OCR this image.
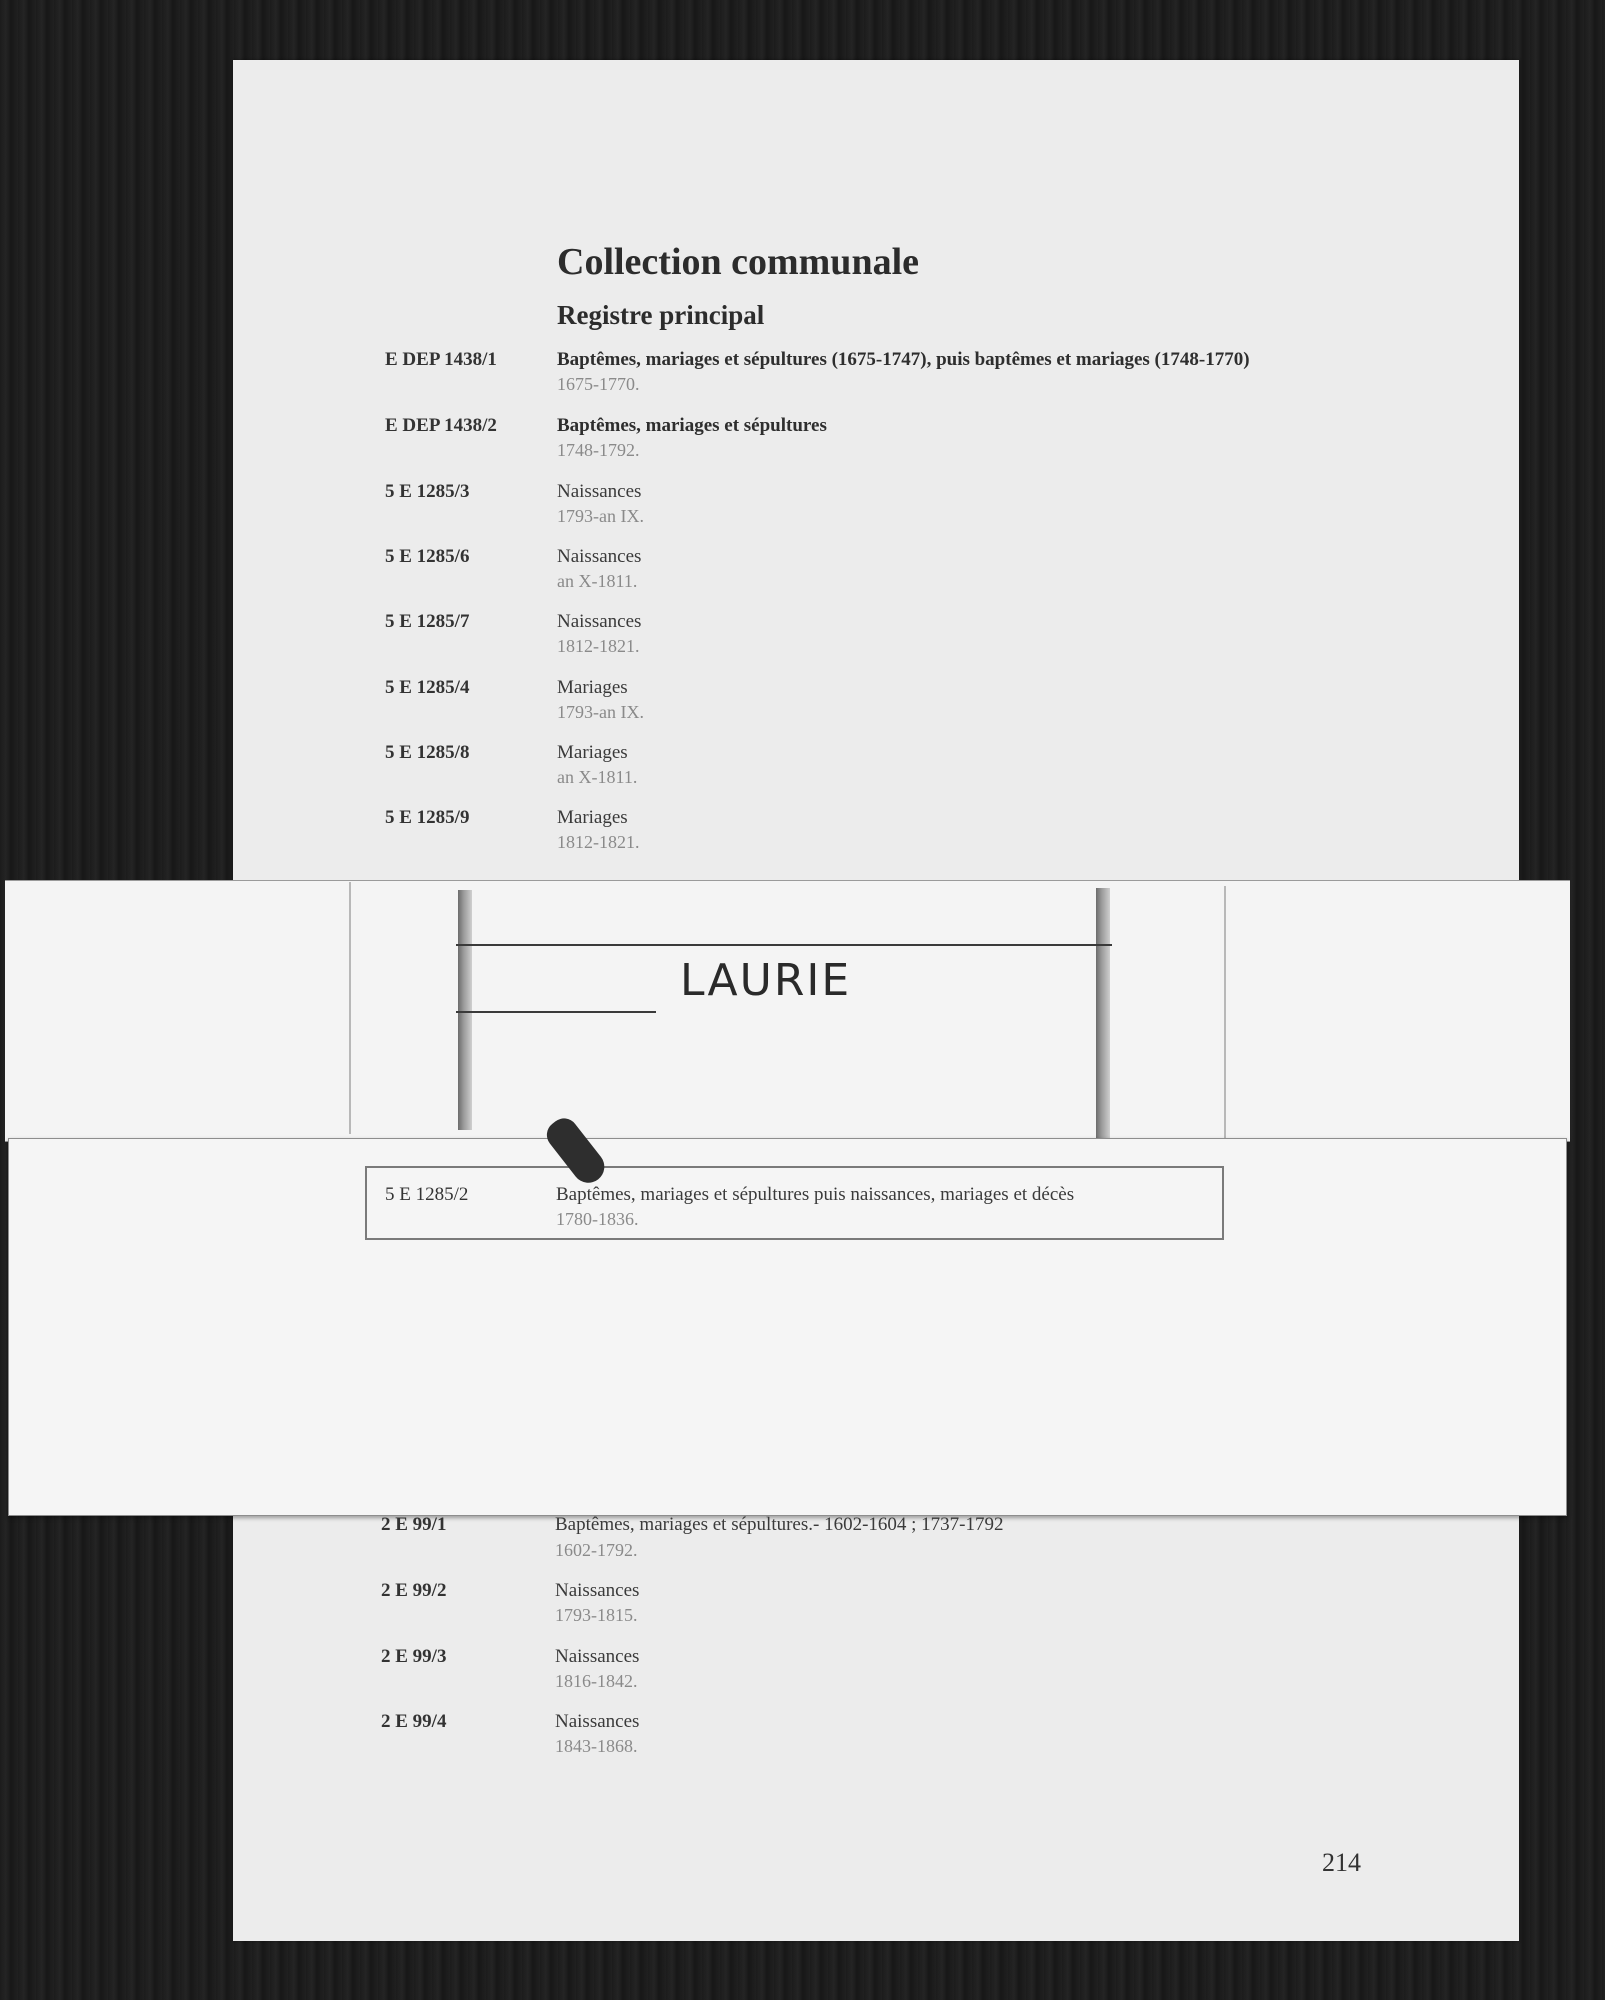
Collection communale
Registre principal
E DEP 1438/1	Baptêmes, mariages et sépultures (1675-1747), puis baptêmes et mariages (1748-1770)
1675-1770.
E DEP 1438/2	Baptêmes, mariages et sépultures
1748-1792.
5 E 1285/3	Naissances
1793-an IX.
5 E 1285/6	Naissances
an X-1811.
5 E 1285/7	Naissances
1812-1821.
5 E 1285/4	Mariages
1793-an IX.
5 E 1285/8	Mariages
an X-1811.
5 E 1285/9	Mariages
1812-1821.
LAURIE
5 E 1285/2	Baptêmes, mariages et sépultures puis naissances, mariages et décès
1780-1836.
2 E 99/1	Baptêmes, mariages et sépultures.- 1602-1604 ; 1737-1792
1602-1792.
2 E 99/2	Naissances
1793-1815.
2 E 99/3	Naissances
1816-1842.
2 E 99/4	Naissances
1843-1868.
214
